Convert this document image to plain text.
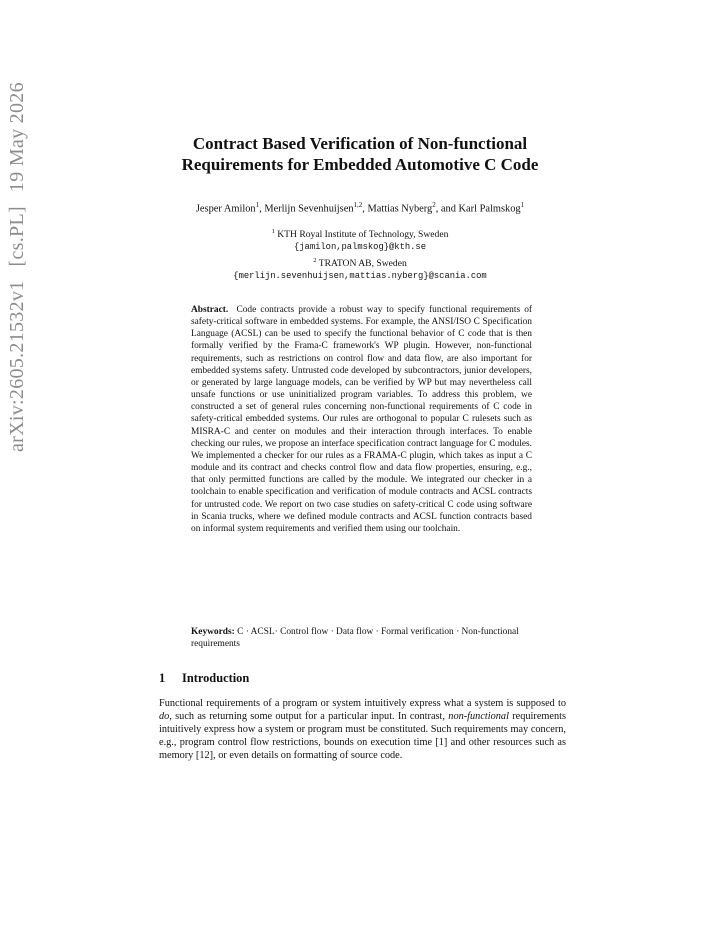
arXiv:2605.21532v1[cs.PL]19 May 2026	Contract Based Verification of Non-functional
Requirements for Embedded Automotive C Code
Jesper Amilon$^1$, Merlijn Sevenhuijsen$^{1,2}$, Mattias Nyberg$^2$, and Karl Palmskog$^1$
$^1$ KTH Royal Institute of Technology, Sweden
{jamilon,palmskog}@kth.se
$^2$ TRATON AB, Sweden
{merlijn.sevenhuijsen,mattias.nyberg}@scania.com
Abstract. Code contracts provide a robust way to specify functional requirements of safety-critical software in embedded systems. For example, the ANSI/ISO C Specification Language (ACSL) can be used to specify the functional behavior of C code that is then formally verified by the Frama-C framework's WP plugin. However, non-functional requirements, such as restrictions on control flow and data flow, are also important for embedded systems safety. Untrusted code developed by subcontractors, junior developers, or generated by large language models, can be verified by WP but may nevertheless call unsafe functions or use uninitialized program variables. To address this problem, we constructed a set of general rules concerning non-functional requirements of C code in safety-critical embedded systems. Our rules are orthogonal to popular C rulesets such as MISRA-C and center on modules and their interaction through interfaces. To enable checking our rules, we propose an interface specification contract language for C modules. We implemented a checker for our rules as a FRAMA-C plugin, which takes as input a C module and its contract and checks control flow and data flow properties, ensuring, e.g., that only permitted functions are called by the module. We integrated our checker in a toolchain to enable specification and verification of module contracts and ACSL contracts for untrusted code. We report on two case studies on safety-critical C code using software in Scania trucks, where we defined module contracts and ACSL function contracts based on informal system requirements and verified them using our toolchain.
Keywords: C · ACSL· Control flow · Data flow · Formal verification · Non-functional requirements
1 Introduction
Functional requirements of a program or system intuitively express what a system is supposed to do, such as returning some output for a particular input. In contrast, non-functional requirements intuitively express how a system or program must be constituted. Such requirements may concern, e.g., program control flow restrictions, bounds on execution time [1] and other resources such as memory [12], or even details on formatting of source code.
